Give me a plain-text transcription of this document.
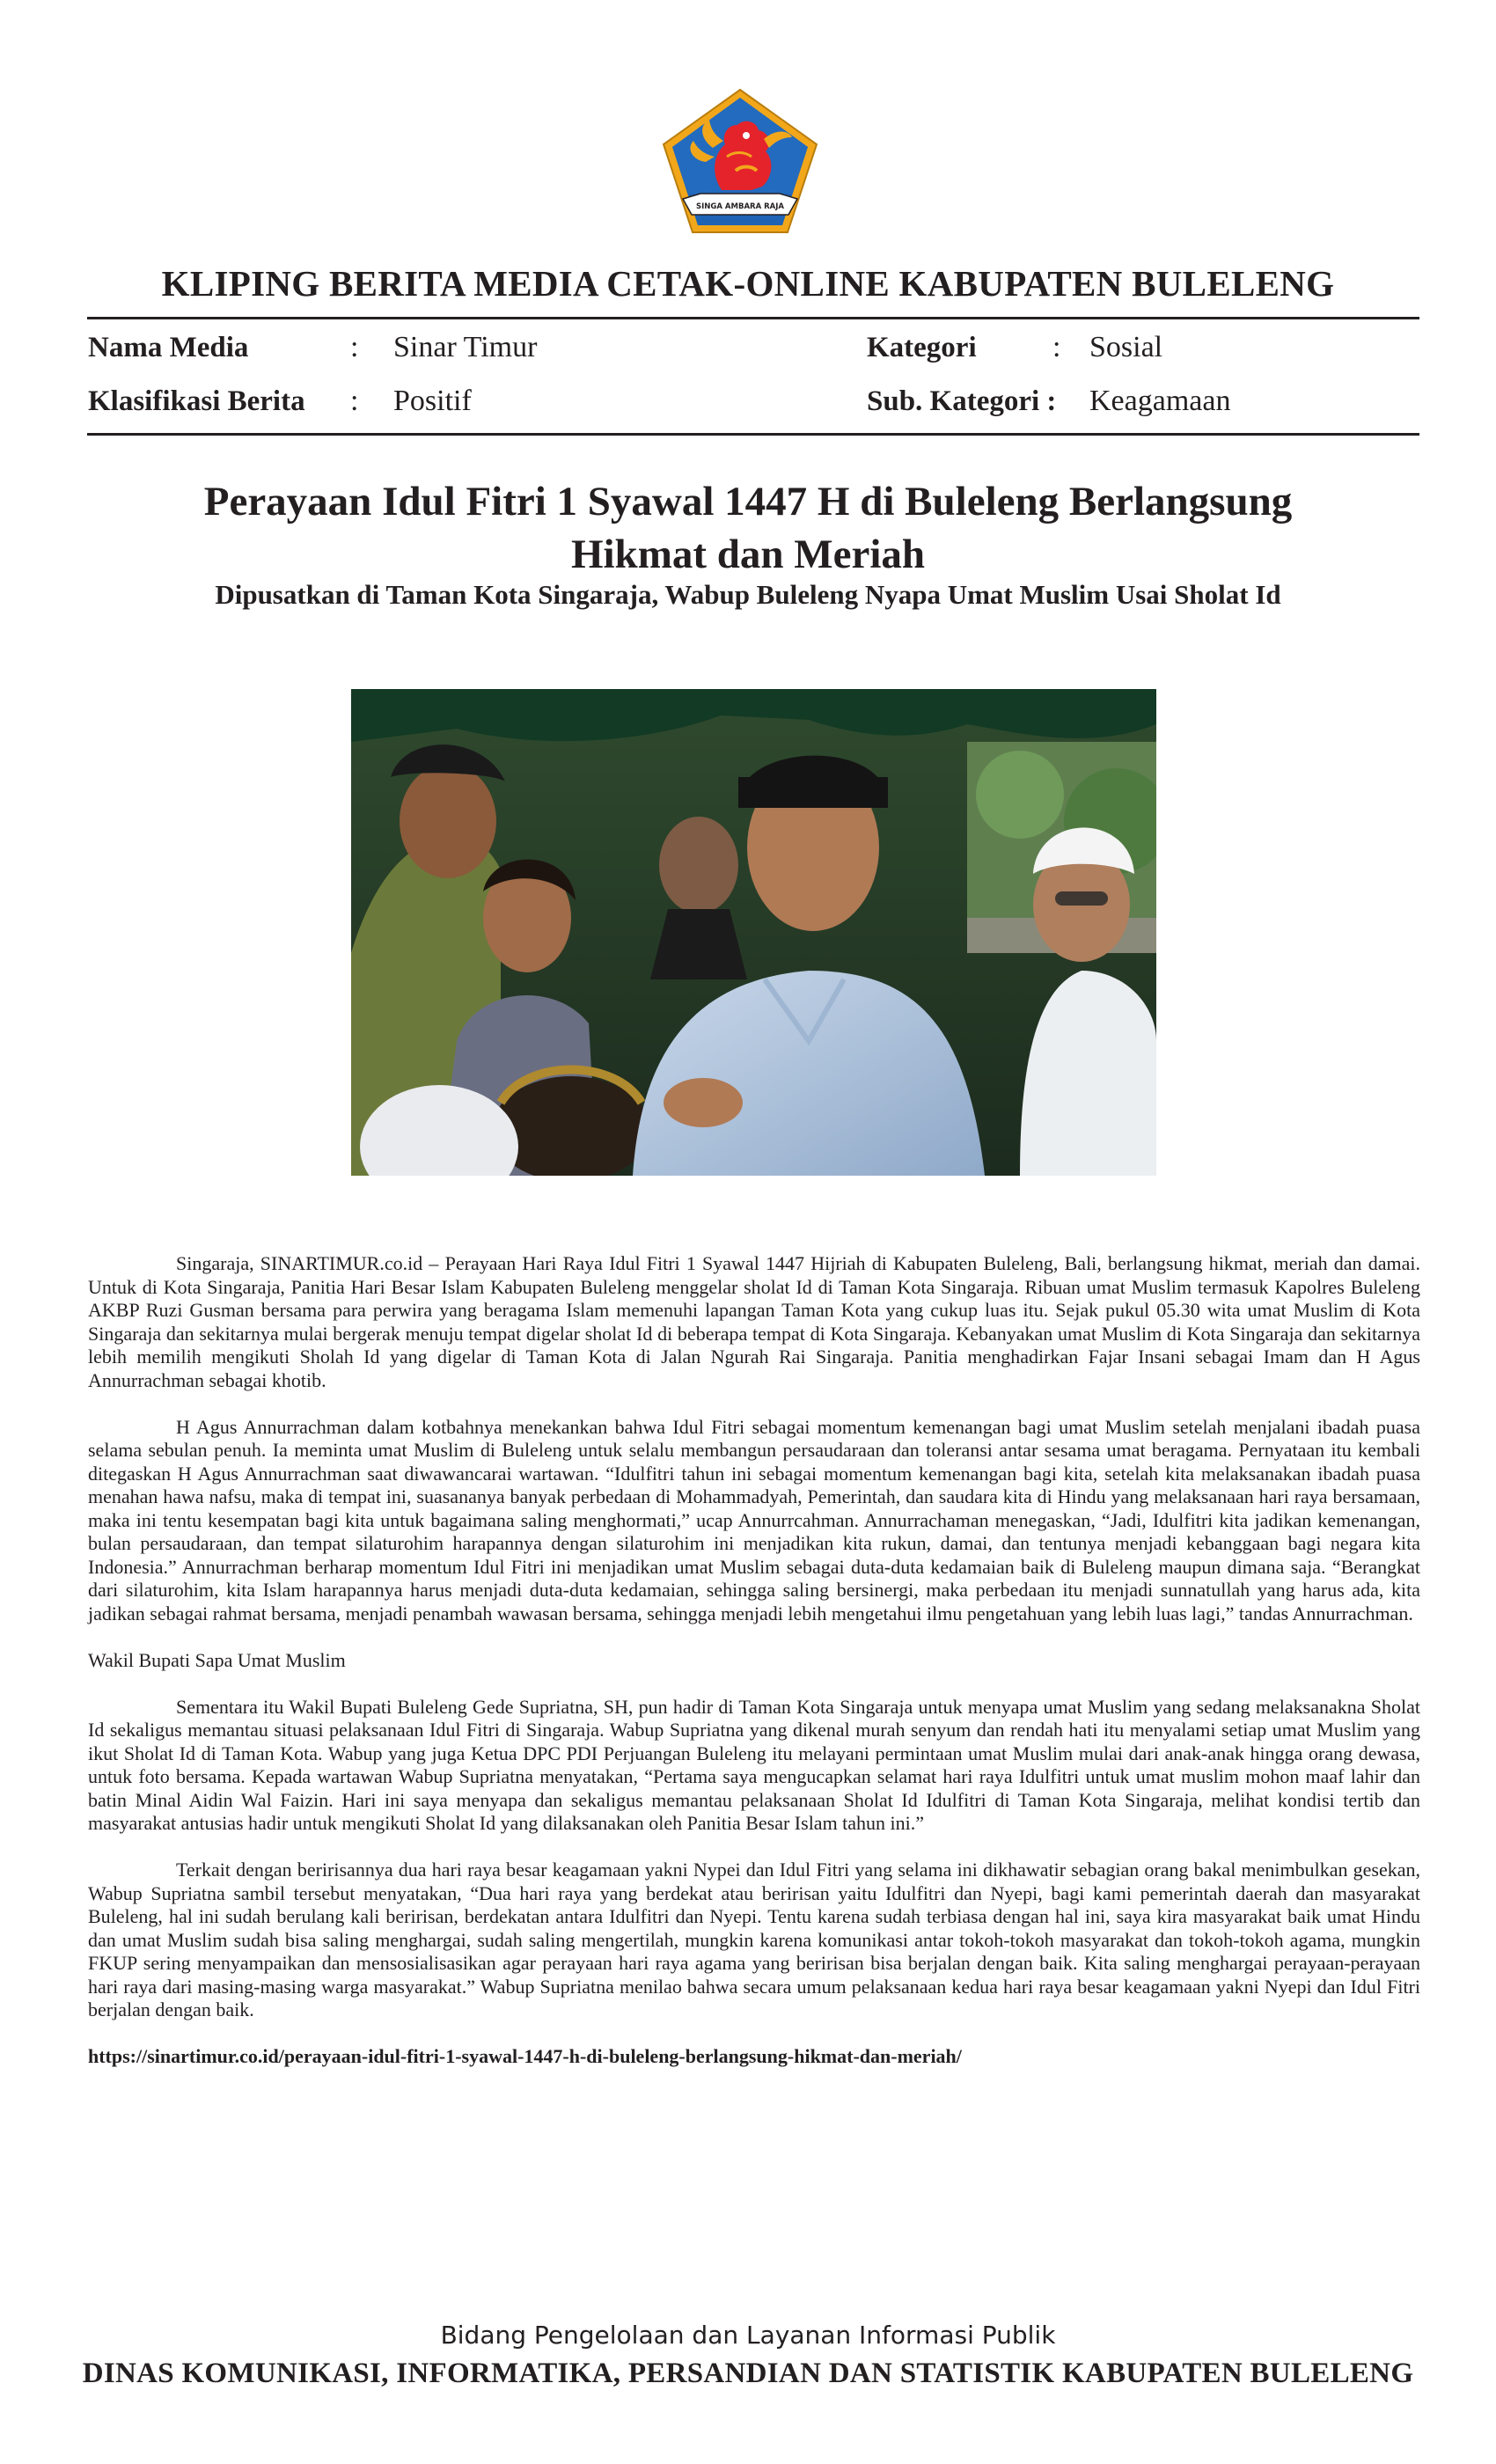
SINGA AMBARA RAJA
KLIPING BERITA MEDIA CETAK-ONLINE KABUPATEN BULELENG
Nama Media	: Sinar Timur	Kategori	: Sosial
Klasifikasi Berita : Positif	Sub. Kategori : Keagamaan
Perayaan Idul Fitri 1 Syawal 1447 H di Buleleng Berlangsung
Hikmat dan Meriah
Dipusatkan di Taman Kota Singaraja, Wabup Buleleng Nyapa Umat Muslim Usai Sholat Id

Singaraja, SINARTIMUR.co.id – Perayaan Hari Raya Idul Fitri 1 Syawal 1447 Hijriah di Kabupaten Buleleng, Bali, berlangsung hikmat, meriah dan damai. Untuk di Kota Singaraja, Panitia Hari Besar Islam Kabupaten Buleleng menggelar sholat Id di Taman Kota Singaraja. Ribuan umat Muslim termasuk Kapolres Buleleng AKBP Ruzi Gusman bersama para perwira yang beragama Islam memenuhi lapangan Taman Kota yang cukup luas itu. Sejak pukul 05.30 wita umat Muslim di Kota Singaraja dan sekitarnya mulai bergerak menuju tempat digelar sholat Id di beberapa tempat di Kota Singaraja. Kebanyakan umat Muslim di Kota Singaraja dan sekitarnya lebih memilih mengikuti Sholah Id yang digelar di Taman Kota di Jalan Ngurah Rai Singaraja. Panitia menghadirkan Fajar Insani sebagai Imam dan H Agus Annurrachman sebagai khotib.

H Agus Annurrachman dalam kotbahnya menekankan bahwa Idul Fitri sebagai momentum kemenangan bagi umat Muslim setelah menjalani ibadah puasa selama sebulan penuh. Ia meminta umat Muslim di Buleleng untuk selalu membangun persaudaraan dan toleransi antar sesama umat beragama. Pernyataan itu kembali ditegaskan H Agus Annurrachman saat diwawancarai wartawan. “Idulfitri tahun ini sebagai momentum kemenangan bagi kita, setelah kita melaksanakan ibadah puasa menahan hawa nafsu, maka di tempat ini, suasananya banyak perbedaan di Mohammadyah, Pemerintah, dan saudara kita di Hindu yang melaksanaan hari raya bersamaan, maka ini tentu kesempatan bagi kita untuk bagaimana saling menghormati,” ucap Annurrcahman. Annurrachaman menegaskan, “Jadi, Idulfitri kita jadikan kemenangan, bulan persaudaraan, dan tempat silaturohim harapannya dengan silaturohim ini menjadikan kita rukun, damai, dan tentunya menjadi kebanggaan bagi negara kita Indonesia.” Annurrachman berharap momentum Idul Fitri ini menjadikan umat Muslim sebagai duta-duta kedamaian baik di Buleleng maupun dimana saja. “Berangkat dari silaturohim, kita Islam harapannya harus menjadi duta-duta kedamaian, sehingga saling bersinergi, maka perbedaan itu menjadi sunnatullah yang harus ada, kita jadikan sebagai rahmat bersama, menjadi penambah wawasan bersama, sehingga menjadi lebih mengetahui ilmu pengetahuan yang lebih luas lagi,” tandas Annurrachman.

Wakil Bupati Sapa Umat Muslim

Sementara itu Wakil Bupati Buleleng Gede Supriatna, SH, pun hadir di Taman Kota Singaraja untuk menyapa umat Muslim yang sedang melaksanakna Sholat Id sekaligus memantau situasi pelaksanaan Idul Fitri di Singaraja. Wabup Supriatna yang dikenal murah senyum dan rendah hati itu menyalami setiap umat Muslim yang ikut Sholat Id di Taman Kota. Wabup yang juga Ketua DPC PDI Perjuangan Buleleng itu melayani permintaan umat Muslim mulai dari anak-anak hingga orang dewasa, untuk foto bersama. Kepada wartawan Wabup Supriatna menyatakan, “Pertama saya mengucapkan selamat hari raya Idulfitri untuk umat muslim mohon maaf lahir dan batin Minal Aidin Wal Faizin. Hari ini saya menyapa dan sekaligus memantau pelaksanaan Sholat Id Idulfitri di Taman Kota Singaraja, melihat kondisi tertib dan masyarakat antusias hadir untuk mengikuti Sholat Id yang dilaksanakan oleh Panitia Besar Islam tahun ini.”

Terkait dengan beririsannya dua hari raya besar keagamaan yakni Nypei dan Idul Fitri yang selama ini dikhawatir sebagian orang bakal menimbulkan gesekan, Wabup Supriatna sambil tersebut menyatakan, “Dua hari raya yang berdekat atau beririsan yaitu Idulfitri dan Nyepi, bagi kami pemerintah daerah dan masyarakat Buleleng, hal ini sudah berulang kali beririsan, berdekatan antara Idulfitri dan Nyepi. Tentu karena sudah terbiasa dengan hal ini, saya kira masyarakat baik umat Hindu dan umat Muslim sudah bisa saling menghargai, sudah saling mengertilah, mungkin karena komunikasi antar tokoh-tokoh masyarakat dan tokoh-tokoh agama, mungkin FKUP sering menyampaikan dan mensosialisasikan agar perayaan hari raya agama yang beririsan bisa berjalan dengan baik. Kita saling menghargai perayaan-perayaan hari raya dari masing-masing warga masyarakat.” Wabup Supriatna menilao bahwa secara umum pelaksanaan kedua hari raya besar keagamaan yakni Nyepi dan Idul Fitri berjalan dengan baik.

https://sinartimur.co.id/perayaan-idul-fitri-1-syawal-1447-h-di-buleleng-berlangsung-hikmat-dan-meriah/

Bidang Pengelolaan dan Layanan Informasi Publik
DINAS KOMUNIKASI, INFORMATIKA, PERSANDIAN DAN STATISTIK KABUPATEN BULELENG
